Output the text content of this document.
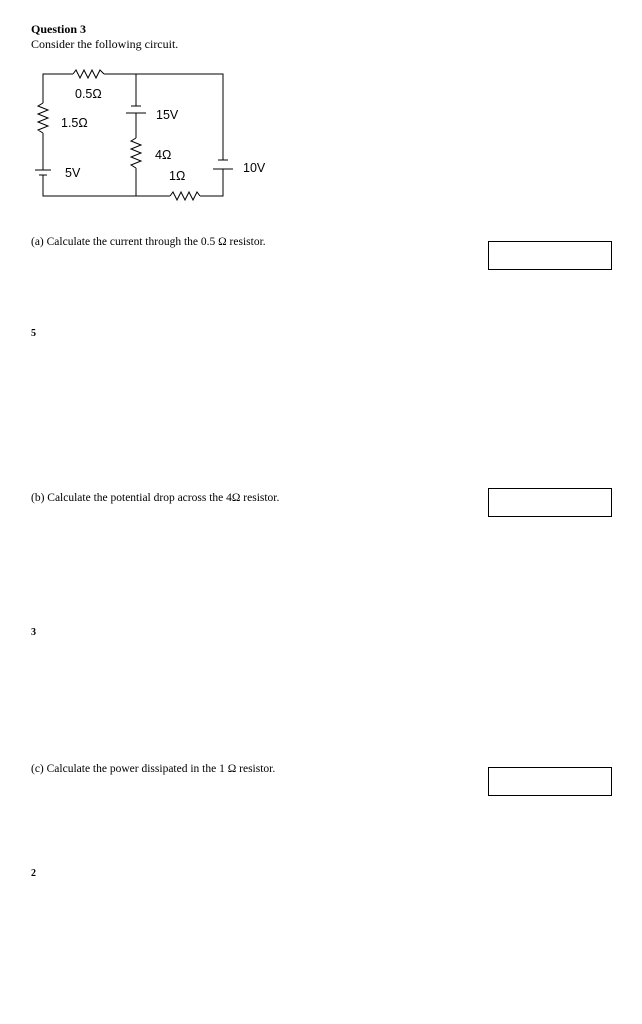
Question 3
Consider the following circuit.
0.5Ω
1.5Ω
15V
4Ω
5V	1Ω
10V
(a) Calculate the current through the 0.5 Ω resistor.
5
(b) Calculate the potential drop across the 4Ω resistor.
3
(c) Calculate the power dissipated in the 1 Ω resistor.
2
